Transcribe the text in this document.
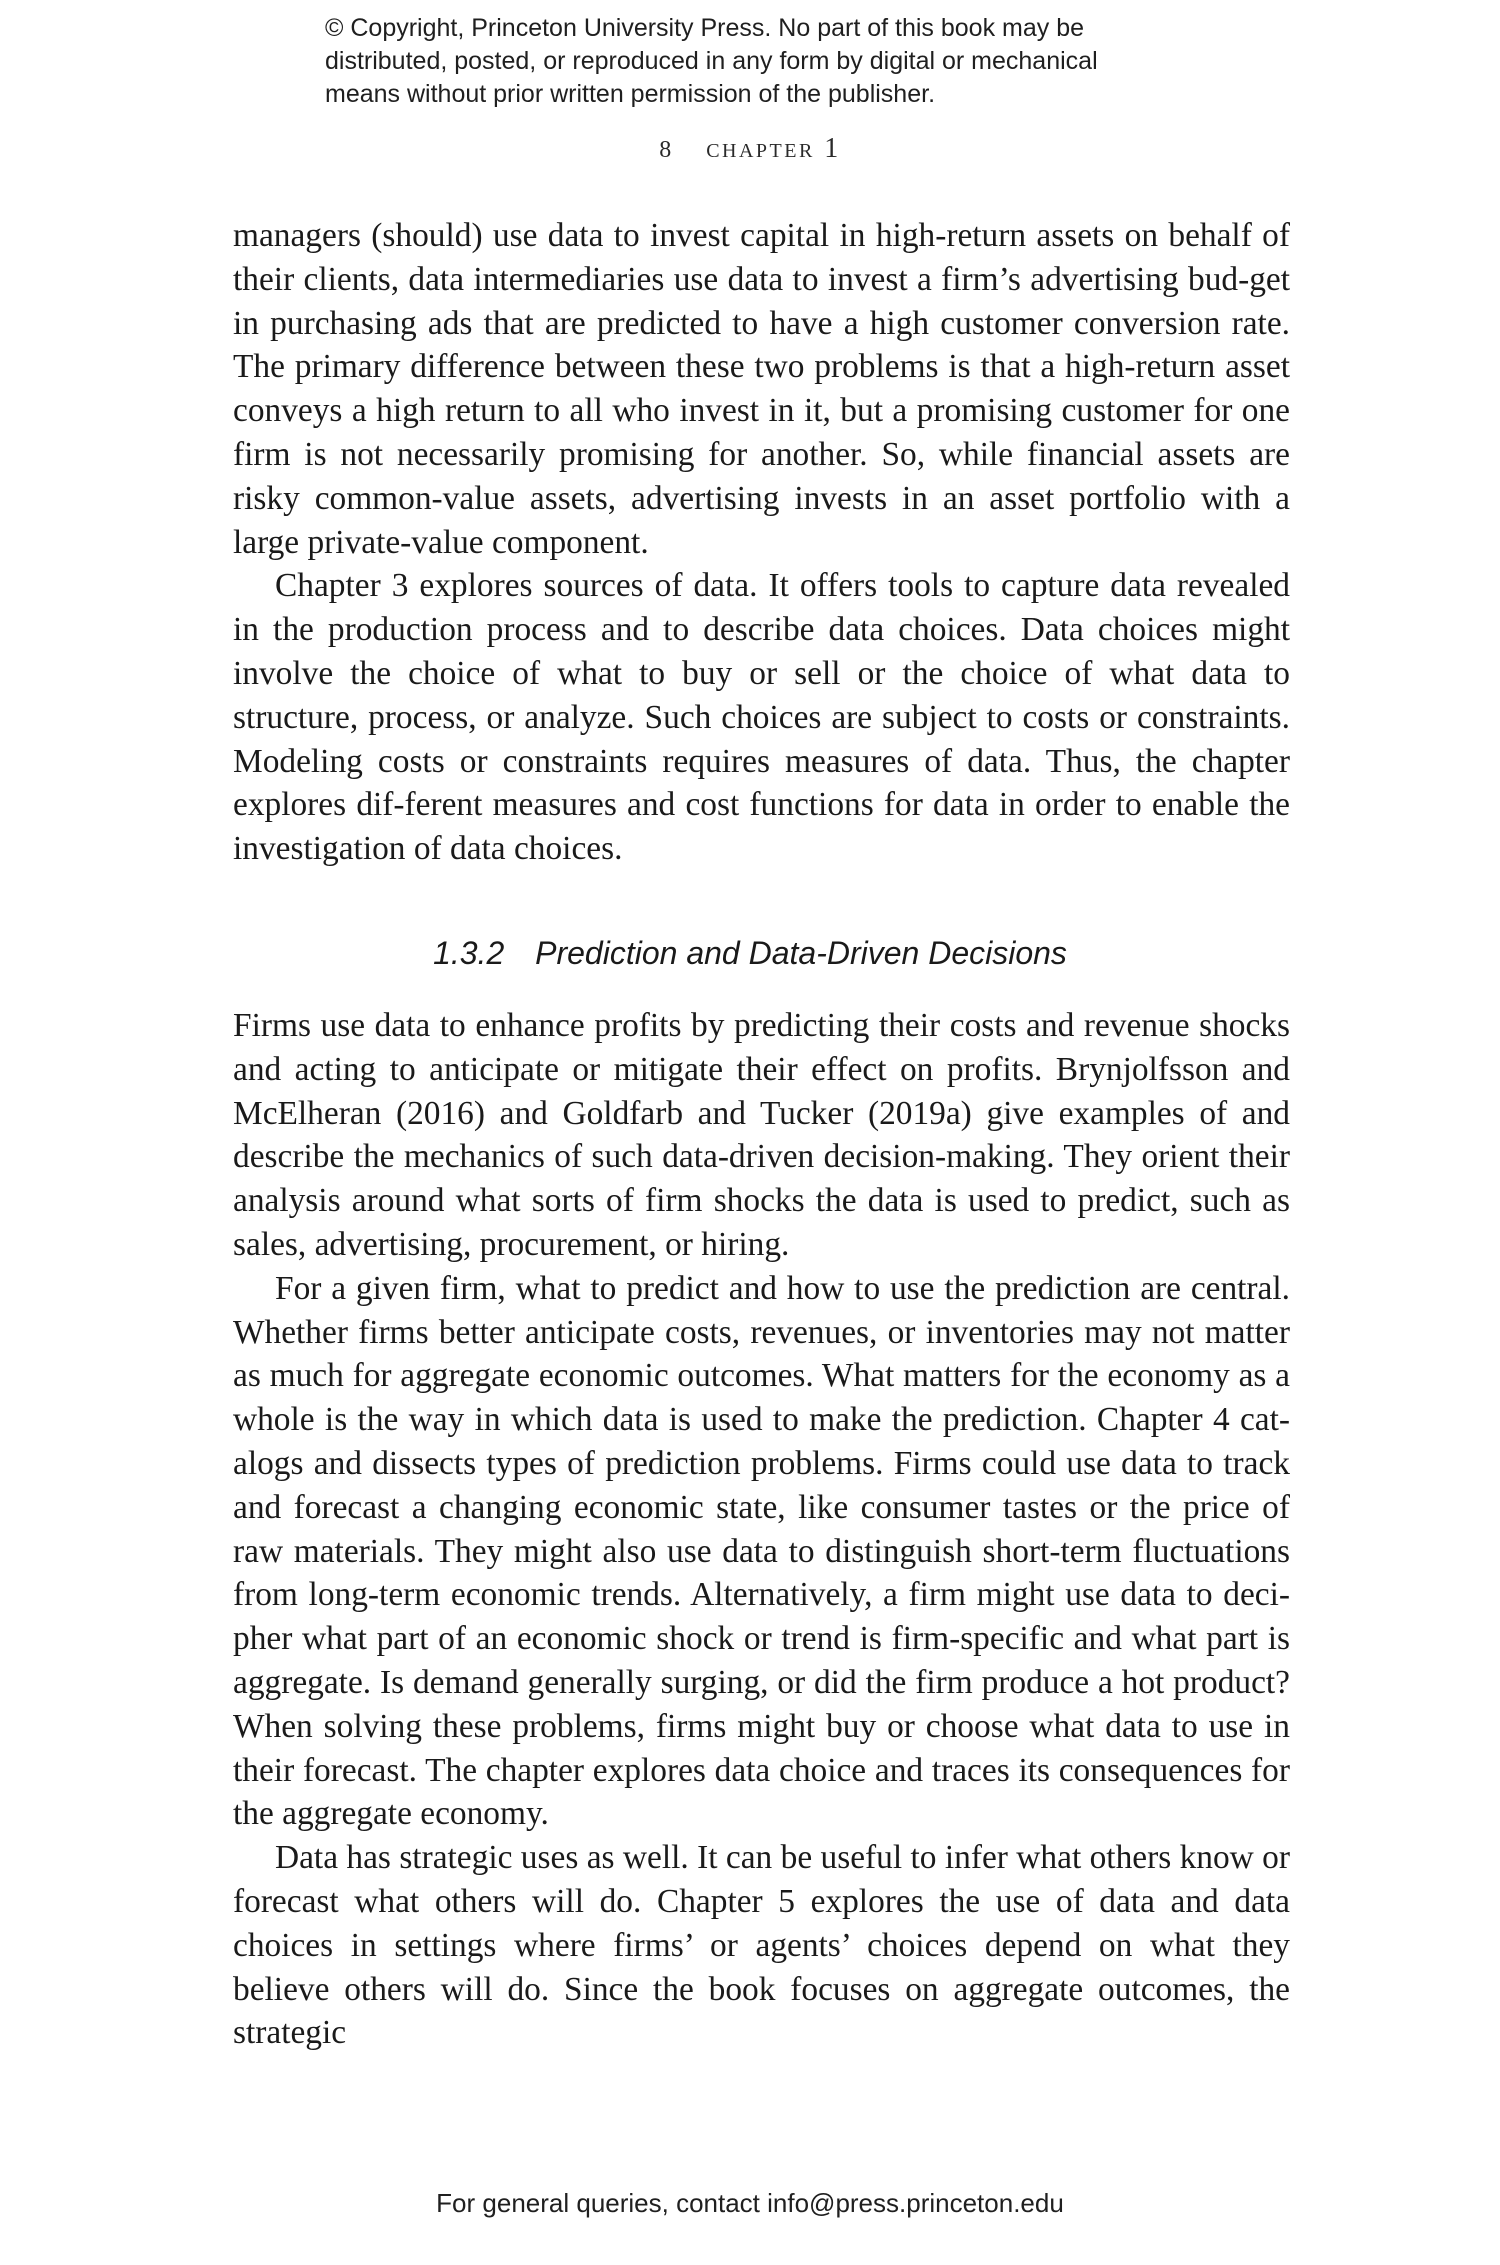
© Copyright, Princeton University Press. No part of this book may be
distributed, posted, or reproduced in any form by digital or mechanical
means without prior written permission of the publisher.
8 chapter 1

managers (should) use data to invest capital in high-return assets on behalf of their clients, data intermediaries use data to invest a firm’s advertising bud-get in purchasing ads that are predicted to have a high customer conversion rate. The primary difference between these two problems is that a high-return asset conveys a high return to all who invest in it, but a promising customer for one firm is not necessarily promising for another. So, while financial assets are risky common-value assets, advertising invests in an asset portfolio with a large private-value component.

Chapter 3 explores sources of data. It offers tools to capture data revealed in the production process and to describe data choices. Data choices might involve the choice of what to buy or sell or the choice of what data to structure, process, or analyze. Such choices are subject to costs or constraints. Modeling costs or constraints requires measures of data. Thus, the chapter explores dif-ferent measures and cost functions for data in order to enable the investigation of data choices.

1.3.2 Prediction and Data-Driven Decisions

Firms use data to enhance profits by predicting their costs and revenue shocks and acting to anticipate or mitigate their effect on profits. Brynjolfsson and McElheran (2016) and Goldfarb and Tucker (2019a) give examples of and describe the mechanics of such data-driven decision-making. They orient their analysis around what sorts of firm shocks the data is used to predict, such as sales, advertising, procurement, or hiring.

For a given firm, what to predict and how to use the prediction are central. Whether firms better anticipate costs, revenues, or inventories may not matter as much for aggregate economic outcomes. What matters for the economy as a whole is the way in which data is used to make the prediction. Chapter 4 cat-alogs and dissects types of prediction problems. Firms could use data to track and forecast a changing economic state, like consumer tastes or the price of raw materials. They might also use data to distinguish short-term fluctuations from long-term economic trends. Alternatively, a firm might use data to deci-pher what part of an economic shock or trend is firm-specific and what part is aggregate. Is demand generally surging, or did the firm produce a hot product? When solving these problems, firms might buy or choose what data to use in their forecast. The chapter explores data choice and traces its consequences for the aggregate economy.

Data has strategic uses as well. It can be useful to infer what others know or forecast what others will do. Chapter 5 explores the use of data and data choices in settings where firms’ or agents’ choices depend on what they believe others will do. Since the book focuses on aggregate outcomes, the strategic

For general queries, contact info@press.princeton.edu
